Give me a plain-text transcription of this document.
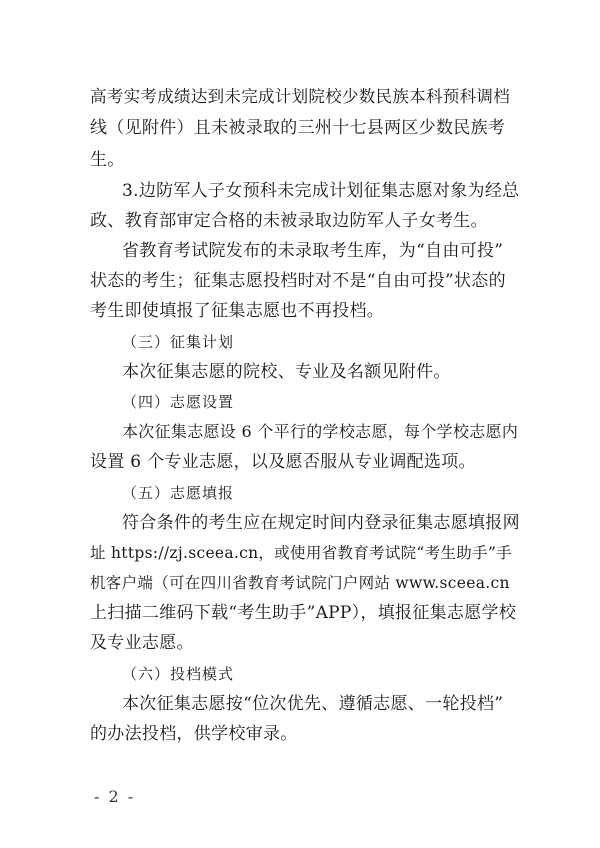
高考实考成绩达到未完成计划院校少数民族本科预科调档
线（见附件）且未被录取的三州十七县两区少数民族考
生。
3.边防军人子女预科未完成计划征集志愿对象为经总
政、教育部审定合格的未被录取边防军人子女考生。
省教育考试院发布的未录取考生库，为“自由可投”
状态的考生；征集志愿投档时对不是“自由可投”状态的
考生即使填报了征集志愿也不再投档。
（三）征集计划
本次征集志愿的院校、专业及名额见附件。
（四）志愿设置
本次征集志愿设 6 个平行的学校志愿，每个学校志愿内
设置 6 个专业志愿，以及愿否服从专业调配选项。
（五）志愿填报
符合条件的考生应在规定时间内登录征集志愿填报网
址 https://zj.sceea.cn，或使用省教育考试院“考生助手”手
机客户端（可在四川省教育考试院门户网站 www.sceea.cn
上扫描二维码下载“考生助手”APP），填报征集志愿学校
及专业志愿。
（六）投档模式
本次征集志愿按“位次优先、遵循志愿、一轮投档”
的办法投档，供学校审录。
- 2 -
